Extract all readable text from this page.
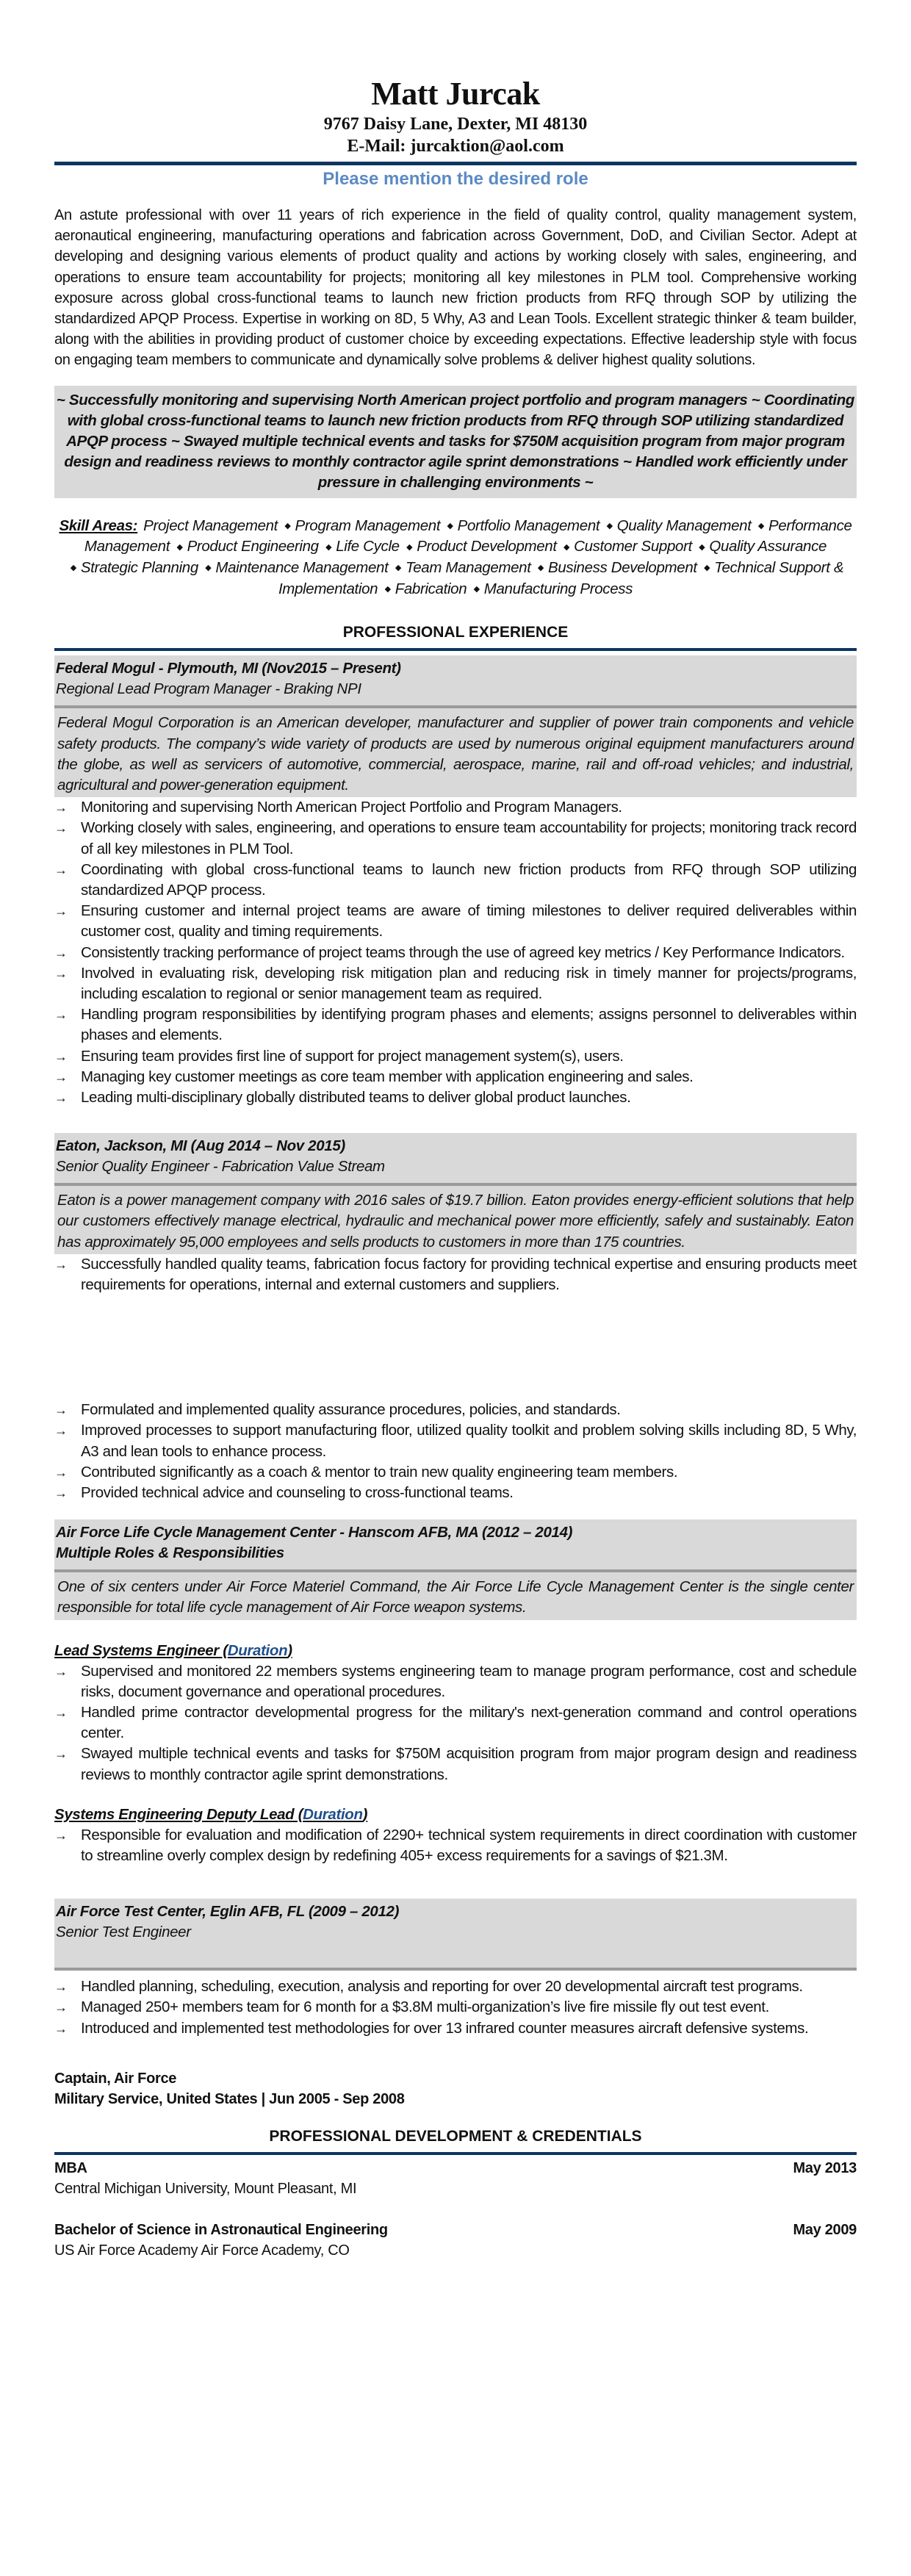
Matt Jurcak
9767 Daisy Lane, Dexter, MI 48130
E-Mail: jurcaktion@aol.com
Please mention the desired role
An astute professional with over 11 years of rich experience in the field of quality control, quality management system, aeronautical engineering, manufacturing operations and fabrication across Government, DoD, and Civilian Sector. Adept at developing and designing various elements of product quality and actions by working closely with sales, engineering, and operations to ensure team accountability for projects; monitoring all key milestones in PLM tool. Comprehensive working exposure across global cross-functional teams to launch new friction products from RFQ through SOP by utilizing the standardized APQP Process. Expertise in working on 8D, 5 Why, A3 and Lean Tools. Excellent strategic thinker & team builder, along with the abilities in providing product of customer choice by exceeding expectations. Effective leadership style with focus on engaging team members to communicate and dynamically solve problems & deliver highest quality solutions.
~ Successfully monitoring and supervising North American project portfolio and program managers ~ Coordinating with global cross-functional teams to launch new friction products from RFQ through SOP utilizing standardized APQP process ~ Swayed multiple technical events and tasks for $750M acquisition program from major program design and readiness reviews to monthly contractor agile sprint demonstrations ~ Handled work efficiently under pressure in challenging environments ~
Skill Areas: Project Management ◆ Program Management ◆ Portfolio Management ◆ Quality Management ◆ Performance Management ◆ Product Engineering ◆ Life Cycle ◆ Product Development ◆ Customer Support ◆ Quality Assurance ◆ Strategic Planning ◆ Maintenance Management ◆ Team Management ◆ Business Development ◆ Technical Support & Implementation ◆ Fabrication ◆ Manufacturing Process
PROFESSIONAL EXPERIENCE
Federal Mogul - Plymouth, MI (Nov2015 – Present)
Regional Lead Program Manager - Braking NPI
Federal Mogul Corporation is an American developer, manufacturer and supplier of power train components and vehicle safety products. The company’s wide variety of products are used by numerous original equipment manufacturers around the globe, as well as servicers of automotive, commercial, aerospace, marine, rail and off-road vehicles; and industrial, agricultural and power-generation equipment.
→ Monitoring and supervising North American Project Portfolio and Program Managers.
→ Working closely with sales, engineering, and operations to ensure team accountability for projects; monitoring track record of all key milestones in PLM Tool.
→ Coordinating with global cross-functional teams to launch new friction products from RFQ through SOP utilizing standardized APQP process.
→ Ensuring customer and internal project teams are aware of timing milestones to deliver required deliverables within customer cost, quality and timing requirements.
→ Consistently tracking performance of project teams through the use of agreed key metrics / Key Performance Indicators.
→ Involved in evaluating risk, developing risk mitigation plan and reducing risk in timely manner for projects/programs, including escalation to regional or senior management team as required.
→ Handling program responsibilities by identifying program phases and elements; assigns personnel to deliverables within phases and elements.
→ Ensuring team provides first line of support for project management system(s), users.
→ Managing key customer meetings as core team member with application engineering and sales.
→ Leading multi-disciplinary globally distributed teams to deliver global product launches.
Eaton, Jackson, MI (Aug 2014 – Nov 2015)
Senior Quality Engineer - Fabrication Value Stream
Eaton is a power management company with 2016 sales of $19.7 billion. Eaton provides energy-efficient solutions that help our customers effectively manage electrical, hydraulic and mechanical power more efficiently, safely and sustainably. Eaton has approximately 95,000 employees and sells products to customers in more than 175 countries.
→ Successfully handled quality teams, fabrication focus factory for providing technical expertise and ensuring products meet requirements for operations, internal and external customers and suppliers.
→ Formulated and implemented quality assurance procedures, policies, and standards.
→ Improved processes to support manufacturing floor, utilized quality toolkit and problem solving skills including 8D, 5 Why, A3 and lean tools to enhance process.
→ Contributed significantly as a coach & mentor to train new quality engineering team members.
→ Provided technical advice and counseling to cross-functional teams.
Air Force Life Cycle Management Center - Hanscom AFB, MA (2012 – 2014)
Multiple Roles & Responsibilities
One of six centers under Air Force Materiel Command, the Air Force Life Cycle Management Center is the single center responsible for total life cycle management of Air Force weapon systems.
Lead Systems Engineer (Duration)
→ Supervised and monitored 22 members systems engineering team to manage program performance, cost and schedule risks, document governance and operational procedures.
→ Handled prime contractor developmental progress for the military's next-generation command and control operations center.
→ Swayed multiple technical events and tasks for $750M acquisition program from major program design and readiness reviews to monthly contractor agile sprint demonstrations.
Systems Engineering Deputy Lead (Duration)
→ Responsible for evaluation and modification of 2290+ technical system requirements in direct coordination with customer to streamline overly complex design by redefining 405+ excess requirements for a savings of $21.3M.
Air Force Test Center, Eglin AFB, FL (2009 – 2012)
Senior Test Engineer
→ Handled planning, scheduling, execution, analysis and reporting for over 20 developmental aircraft test programs.
→ Managed 250+ members team for 6 month for a $3.8M multi-organization’s live fire missile fly out test event.
→ Introduced and implemented test methodologies for over 13 infrared counter measures aircraft defensive systems.
Captain, Air Force
Military Service, United States | Jun 2005 - Sep 2008
PROFESSIONAL DEVELOPMENT & CREDENTIALS
MBA	May 2013
Central Michigan University, Mount Pleasant, MI
Bachelor of Science in Astronautical Engineering	May 2009
US Air Force Academy Air Force Academy, CO
